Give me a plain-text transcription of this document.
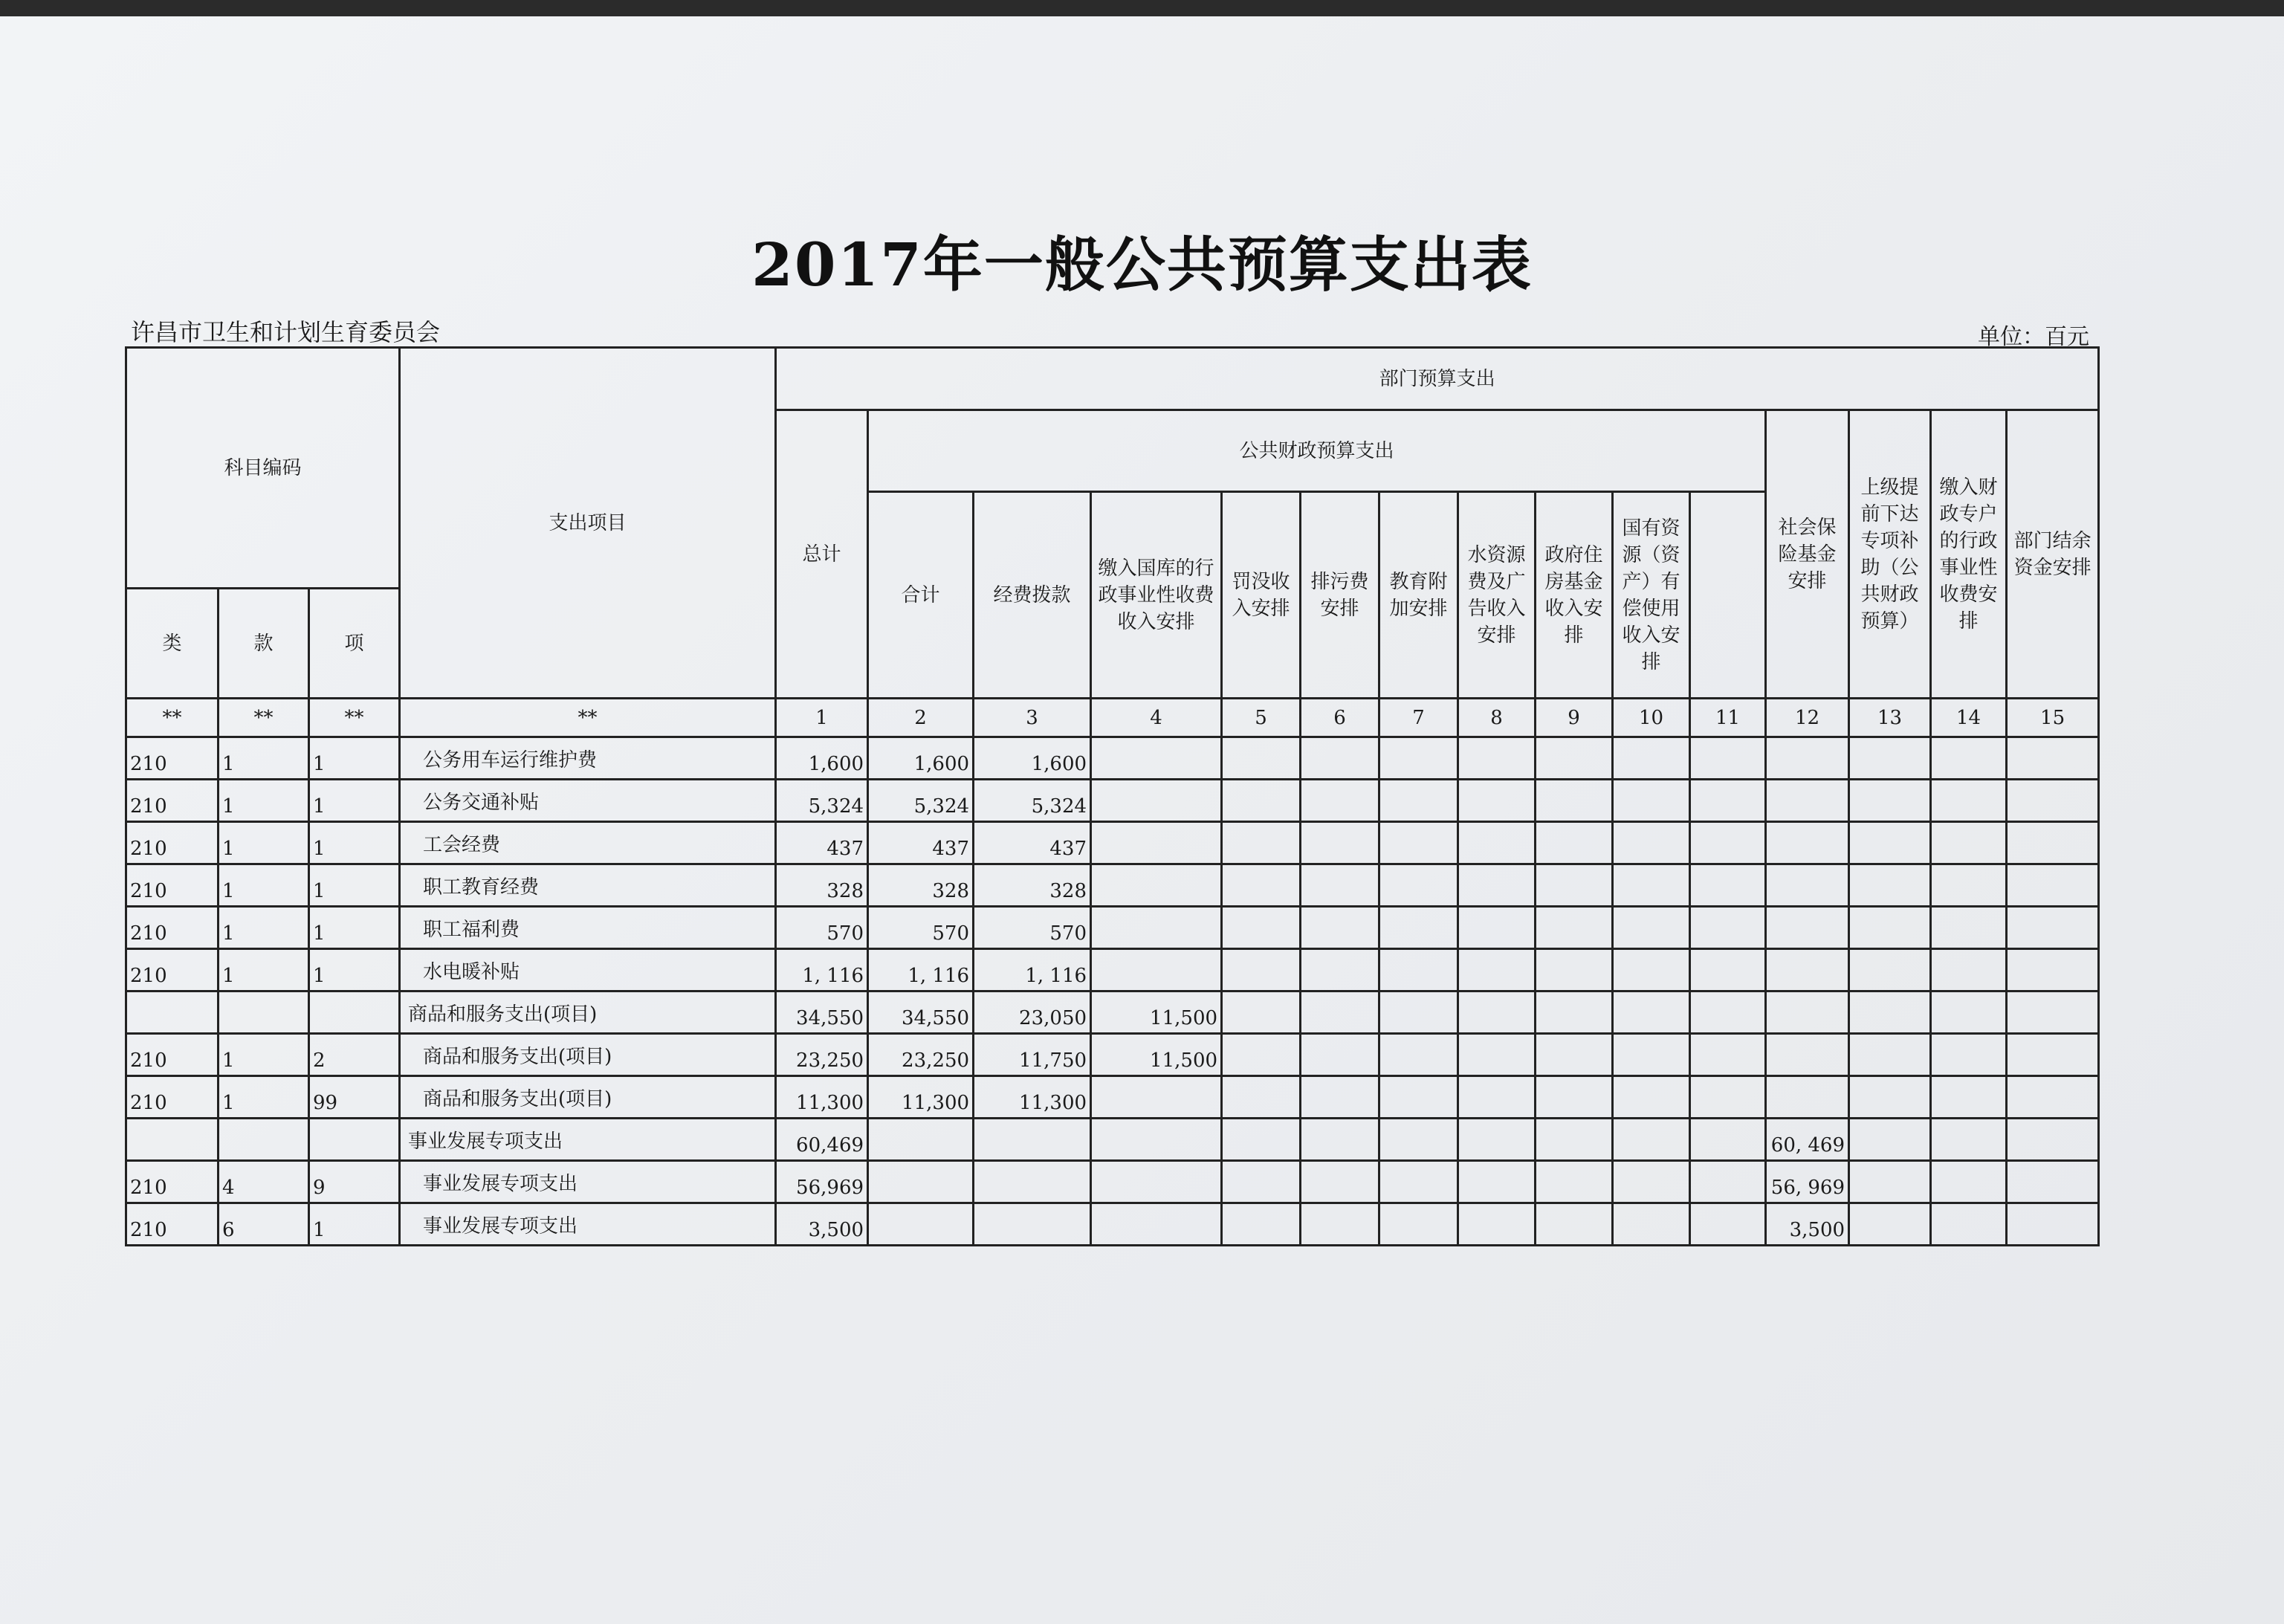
2017年一般公共预算支出表
许昌市卫生和计划生育委员会	单位：百元
科目编码			支出项目	部门预算支出															
				总计	公共财政预算支出										社会保险基金安排	上级提前下达专项补助（公共财政预算）	缴入财政专户的行政事业性收费安排	部门结余资金安排	
					合计	经费拨款	缴入国库的行政事业性收费收入安排	罚没收入安排	排污费安排	教育附加安排	水资源费及广告收入安排	政府住房基金收入安排	国有资源（资产）有偿使用收入安排						
类	款	项																	
**	**	**	**	1	2	3	4	5	6	7	8	9	10	11	12	13	14	15	
210	1	1	公务用车运行维护费	1,600	1,600	1,600													
210	1	1	公务交通补贴	5,324	5,324	5,324													
210	1	1	工会经费	437	437	437													
210	1	1	职工教育经费	328	328	328													
210	1	1	职工福利费	570	570	570													
210	1	1	水电暖补贴	1, 116	1, 116	1, 116													
			商品和服务支出(项目)	34,550	34,550	23,050	11,500												
210	1	2	商品和服务支出(项目)	23,250	23,250	11,750	11,500												
210	1	99	商品和服务支出(项目)	11,300	11,300	11,300													
			事业发展专项支出	60,469											60, 469				
210	4	9	事业发展专项支出	56,969											56, 969				
210	6	1	事业发展专项支出	3,500											3,500				
